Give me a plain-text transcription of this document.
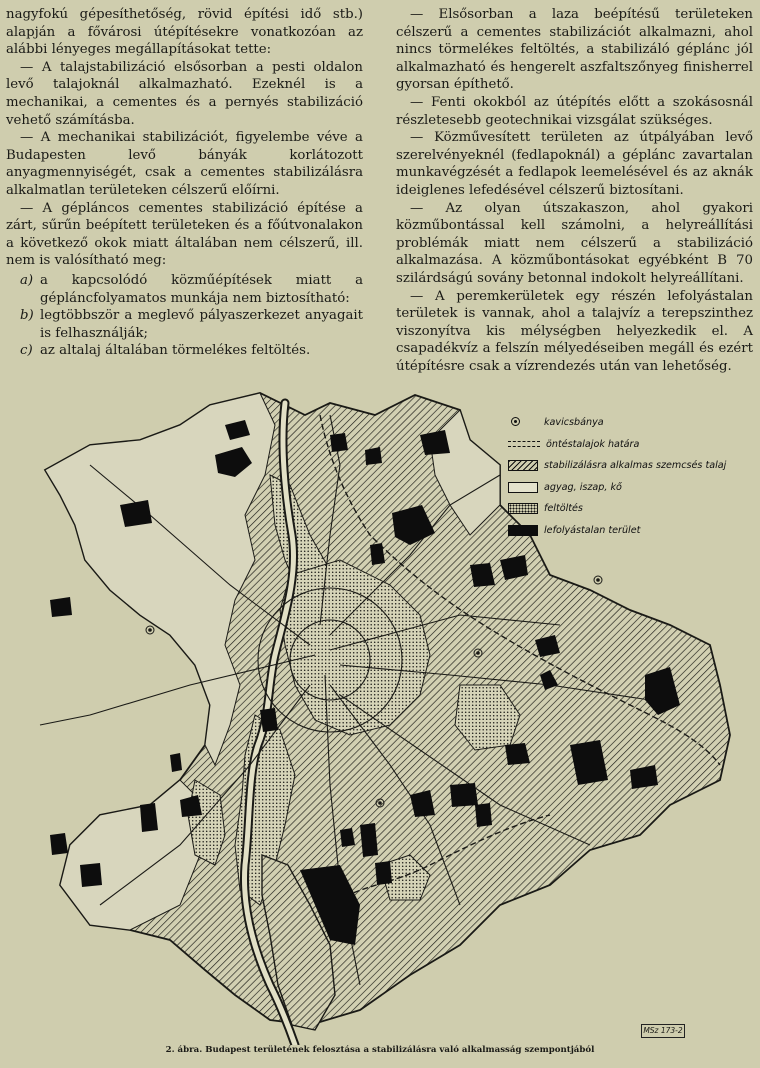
nagyfokú gépesíthetőség, rövid építési idő stb.) alapján a fővárosi útépítésekre vonatkozóan az alábbi lényeges megállapításokat tette:

— A talajstabilizáció elsősorban a pesti oldalon levő talajoknál alkalmazható. Ezeknél is a mechanikai, a cementes és a pernyés stabilizáció vehető számításba.

— A mechanikai stabilizációt, figyelembe véve a Budapesten levő bányák korlátozott anyagmennyiségét, csak a cementes stabilizálásra alkalmatlan területeken célszerű előírni.

— A gépláncos cementes stabilizáció építése a zárt, sűrűn beépített területeken és a főútvonalakon a következő okok miatt általában nem célszerű, ill. nem is valósítható meg:

a) a kapcsolódó közműépítések miatt a gépláncfolyamatos munkája nem biztosítható:
b) legtöbbször a meglevő pályaszerkezet anyagait is felhasználják;
c) az altalaj általában törmelékes feltöltés.

— Elsősorban a laza beépítésű területeken célszerű a cementes stabilizációt alkalmazni, ahol nincs törmelékes feltöltés, a stabilizáló géplánc jól alkalmazható és hengerelt aszfaltszőnyeg finisherrel gyorsan építhető.

— Fenti okokból az útépítés előtt a szokásosnál részletesebb geotechnikai vizsgálat szükséges.

— Közművesített területen az útpályában levő szerelvényeknél (fedlapoknál) a géplánc zavartalan munkavégzését a fedlapok leemelésével és az aknák ideiglenes lefedésével célszerű biztosítani.

— Az olyan útszakaszon, ahol gyakori közműbontással kell számolni, a helyreállítási problémák miatt nem célszerű a stabilizáció alkalmazása. A közműbontásokat egyébként B 70 szilárdságú sovány betonnal indokolt helyreállítani.

— A peremkerületek egy részén lefolyástalan területek is vannak, ahol a talajvíz a terepszinthez viszonyítva kis mélységben helyezkedik el. A csapadékvíz a felszín mélyedéseiben megáll és ezért útépítésre csak a vízrendezés után van lehetőség.

kavicsbánya
öntéstalajok határa
stabilizálásra alkalmas szemcsés talaj
agyag, iszap, kő
feltöltés
lefolyástalan terület
MSz 173-2
2. ábra. Budapest területének felosztása a stabilizálásra való alkalmasság szempontjából
